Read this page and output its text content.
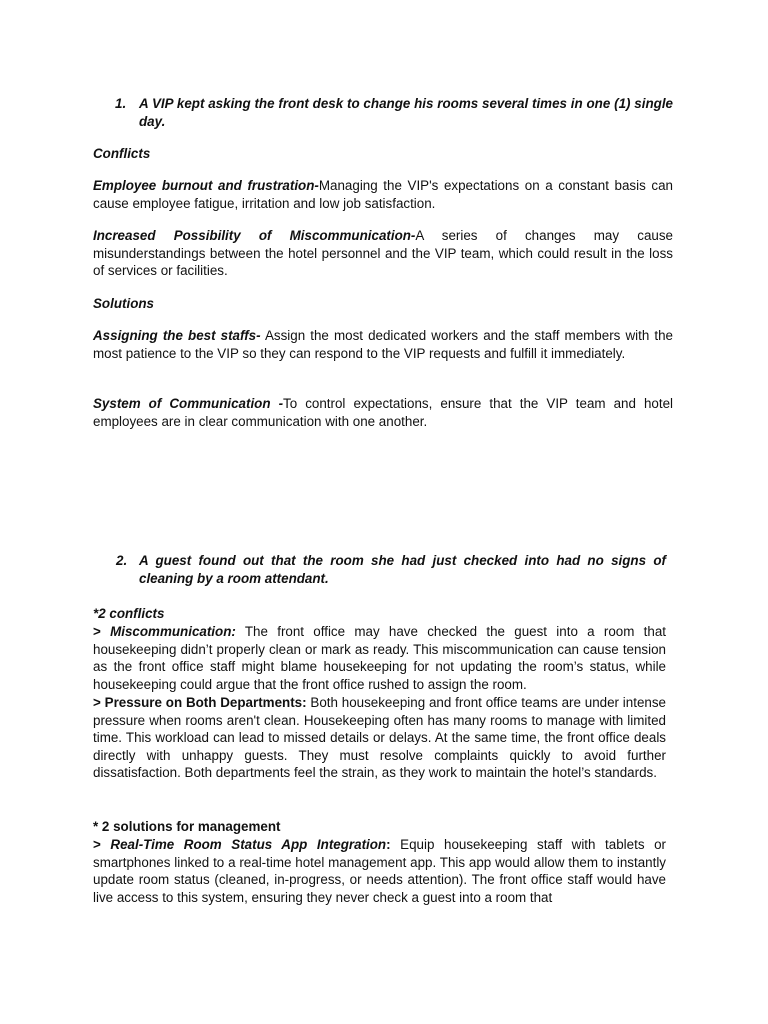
1. A VIP kept asking the front desk to change his rooms several times in one (1) single day.

Conflicts

Employee burnout and frustration-Managing the VIP's expectations on a constant basis can cause employee fatigue, irritation and low job satisfaction.

Increased Possibility of Miscommunication-A series of changes may cause misunderstandings between the hotel personnel and the VIP team, which could result in the loss of services or facilities.

Solutions

Assigning the best staffs- Assign the most dedicated workers and the staff members with the most patience to the VIP so they can respond to the VIP requests and fulfill it immediately.

System of Communication -To control expectations, ensure that the VIP team and hotel employees are in clear communication with one another.

2. A guest found out that the room she had just checked into had no signs of cleaning by a room attendant.

*2 conflicts

> Miscommunication: The front office may have checked the guest into a room that housekeeping didn’t properly clean or mark as ready. This miscommunication can cause tension as the front office staff might blame housekeeping for not updating the room’s status, while housekeeping could argue that the front office rushed to assign the room.

> Pressure on Both Departments: Both housekeeping and front office teams are under intense pressure when rooms aren't clean. Housekeeping often has many rooms to manage with limited time. This workload can lead to missed details or delays. At the same time, the front office deals directly with unhappy guests. They must resolve complaints quickly to avoid further dissatisfaction. Both departments feel the strain, as they work to maintain the hotel’s standards.

* 2 solutions for management

> Real-Time Room Status App Integration: Equip housekeeping staff with tablets or smartphones linked to a real-time hotel management app. This app would allow them to instantly update room status (cleaned, in-progress, or needs attention). The front office staff would have live access to this system, ensuring they never check a guest into a room that
